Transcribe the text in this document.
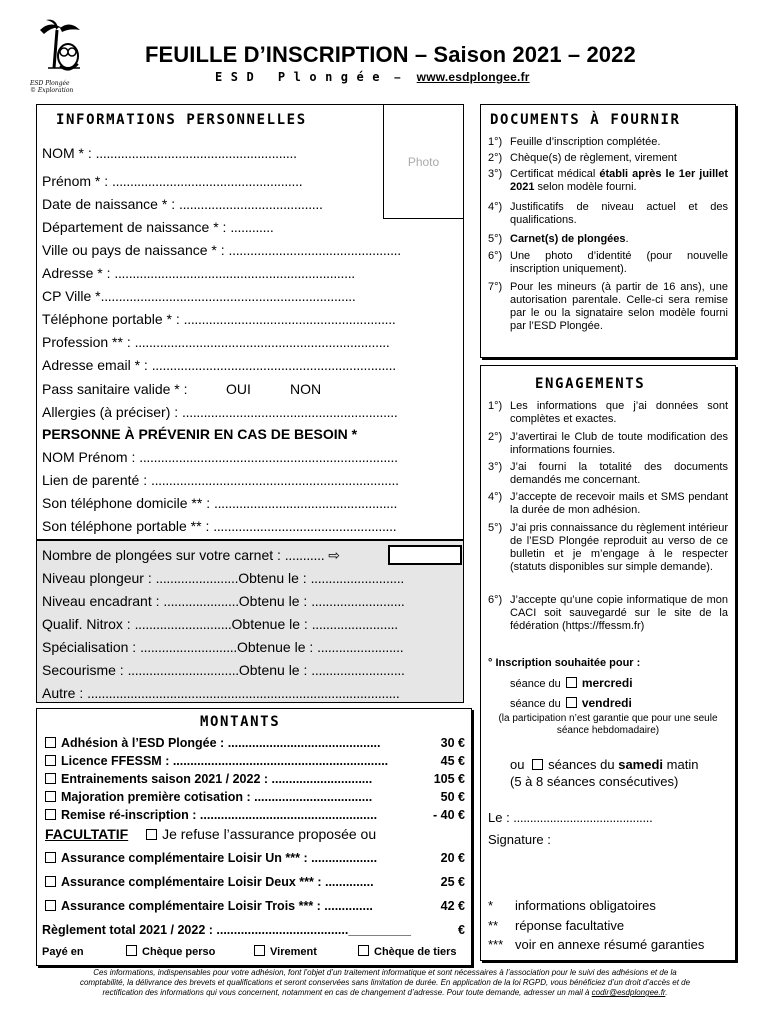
ESD Plongée
© Exploration
FEUILLE D’INSCRIPTION – Saison 2021 – 2022
ESD Plongée – www.esdplongee.fr
INFORMATIONS PERSONNELLES
Photo
NOM * : ........................................................
Prénom * : .....................................................
Date de naissance * : ........................................
Département de naissance * : ............
Ville ou pays de naissance * : ................................................
Adresse * : ...................................................................
CP Ville *.......................................................................
Téléphone portable * : ...........................................................
Profession ** : .......................................................................
Adresse email * : ....................................................................
Pass sanitaire valide * :	OUI	NON
Allergies (à préciser) : ............................................................
PERSONNE À PRÉVENIR EN CAS DE BESOIN *
NOM Prénom : ........................................................................
Lien de parenté : .....................................................................
Son téléphone domicile ** : ...................................................
Son téléphone portable ** : ...................................................
Nombre de plongées sur votre carnet : ........... ⇨
Niveau plongeur : .......................Obtenu le : ..........................
Niveau encadrant : .....................Obtenu le : ..........................
Qualif. Nitrox : ...........................Obtenue le : ........................
Spécialisation : ...........................Obtenue le : ........................
Secourisme : ...............................Obtenu le : ..........................
Autre : .......................................................................................
MONTANTS
Adhésion à l’ESD Plongée : ............................................	30 €
Licence FFESSM : ..............................................................	45 €
Entrainements saison 2021 / 2022 : .............................	105 €
Majoration première cotisation : ..................................	50 €
Remise ré-inscription : ...................................................	- 40 €
FACULTATIF Je refuse l’assurance proposée ou
Assurance complémentaire Loisir Un *** : ...................	20 €
Assurance complémentaire Loisir Deux *** : ..............	25 €
Assurance complémentaire Loisir Trois *** : ..............	42 €
Règlement total 2021 / 2022 : ......................................_________	€
Payé en	Chèque perso	Virement	Chèque de tiers
DOCUMENTS À FOURNIR
1°) Feuille d’inscription complétée.
2°) Chèque(s) de règlement, virement
3°) Certificat médical établi après le 1er juillet 2021 selon modèle fourni.
4°) Justificatifs de niveau actuel et des qualifications.
5°) Carnet(s) de plongées.
6°) Une photo d’identité (pour nouvelle inscription uniquement).
7°) Pour les mineurs (à partir de 16 ans), une autorisation parentale. Celle-ci sera remise par le ou la signataire selon modèle fourni par l’ESD Plongée.
ENGAGEMENTS
1°) Les informations que j’ai données sont complètes et exactes.
2°) J’avertirai le Club de toute modification des informations fournies.
3°) J’ai fourni la totalité des documents demandés me concernant.
4°) J’accepte de recevoir mails et SMS pendant la durée de mon adhésion.
5°) J’ai pris connaissance du règlement intérieur de l’ESD Plongée reproduit au verso de ce bulletin et je m’engage à le respecter (statuts disponibles sur simple demande).
6°) J’accepte qu’une copie informatique de mon CACI soit sauvegardé sur le site de la fédération (https://ffessm.fr)
° Inscription souhaitée pour :
séance du mercredi
séance du vendredi
(la participation n’est garantie que pour une seule séance hebdomadaire)
ou séances du samedi matin
(5 à 8 séances consécutives)
Le : ..........................................
Signature :
* informations obligatoires
** réponse facultative
*** voir en annexe résumé garanties
Ces informations, indispensables pour votre adhésion, font l’objet d’un traitement informatique et sont nécessaires à l’association pour le suivi des adhésions et de la
comptabilité, la délivrance des brevets et qualifications et seront conservées sans limitation de durée. En application de la loi RGPD, vous bénéficiez d’un droit d’accès et de
rectification des informations qui vous concernent, notamment en cas de changement d’adresse. Pour toute demande, adresser un mail à codir@esdplongee.fr.
